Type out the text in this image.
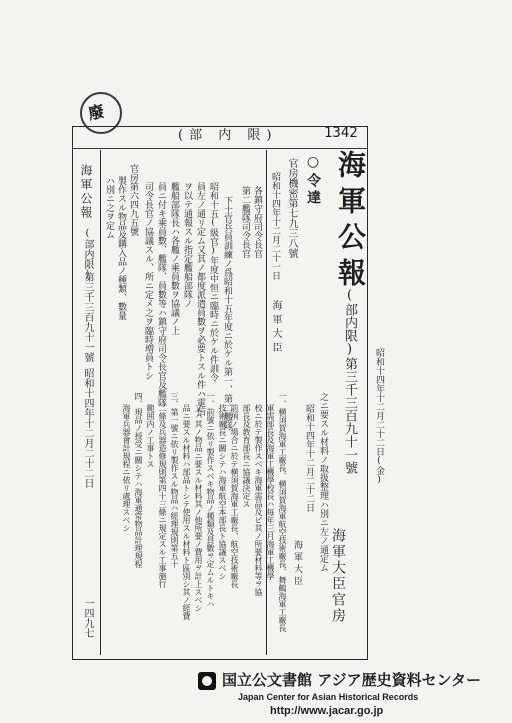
廢
(部 内 限)	1342
海軍公報
(部内限)第三千三百九十一號 昭和十四年十二月二十二日(金)
海軍大臣官房
○令達
官房機密第七九三八號
昭和十四年十二月二十一日
海軍大臣
各鎮守府司令長官
第二艦隊司令長官
下士官兵員訓練ノ爲昭和十五年度ニ於ケル第一、第二艦隊
昭和十五(級官)年度中恒ニ臨時ニ於ケル件訓令
員左ノ通リ定ム又其ノ都度派遣員數ヲ必要トスル件ハ電信
ヲ以テ通報スル指定艦船部隊ノ
艦船部隊長ハ各艦ノ乘員數ヲ協議ノ上
員ニ付キ乘員數、艦隊、員數等ハ鎮守府司令長官及艦隊
司令長官ノ協議スル、所ニ定メ之ヲ臨時増員トシ
官房第六四九五號
製作スル物品及購入品ノ種類、數量
ハ別ニ之ヲ定ム
之ニ要スル材料ノ取扱整理ハ別ニ左ノ通定ム
昭和十四年十二月二十二日
海軍大臣
一、横須賀海軍工廠長、横須賀海軍航空技術廠長、舞鶴海軍工廠長
軍需部長及海軍工機學校長ハ毎年三月海軍工機學
校ニ於テ製作スベキ海軍需品及ビ其ノ所要材料等ヲ協
部長及教育部長ニ協議決定ス
前項ノ場合ニ於テ横須賀海軍工廠長、航空技術廠長
技術廠長ニ關シテハ海軍航空本部長ト協議スベシ
一、前號ニ依リ製作スベキ物品ノ種類及員數ヲ定ムルトキハ
又ハ其ノ物品ニ要スル材料其ノ他所要ノ費用ヲ計上スベシ
品ニ要スル材料ハ部品トシテ使用スル材料ト區別シ其ノ經費
三、第一號ニ依リ製作スル物品ハ經理規則第五十
二條及兵器造修規則第四十三條ニ規定スル工事施行
範囲内ノ工事トス
四、現品ノ授受ニ關シテハ海軍通常物品計理規程
海軍兵器會計規程ニ依リ處理スベシ
海軍公報
(部内限)
第三千三百九十一號
昭和十四年十二月二十二日
一四九七
国立公文書館 アジア歴史資料センター
Japan Center for Asian Historical Records
http://www.jacar.go.jp
